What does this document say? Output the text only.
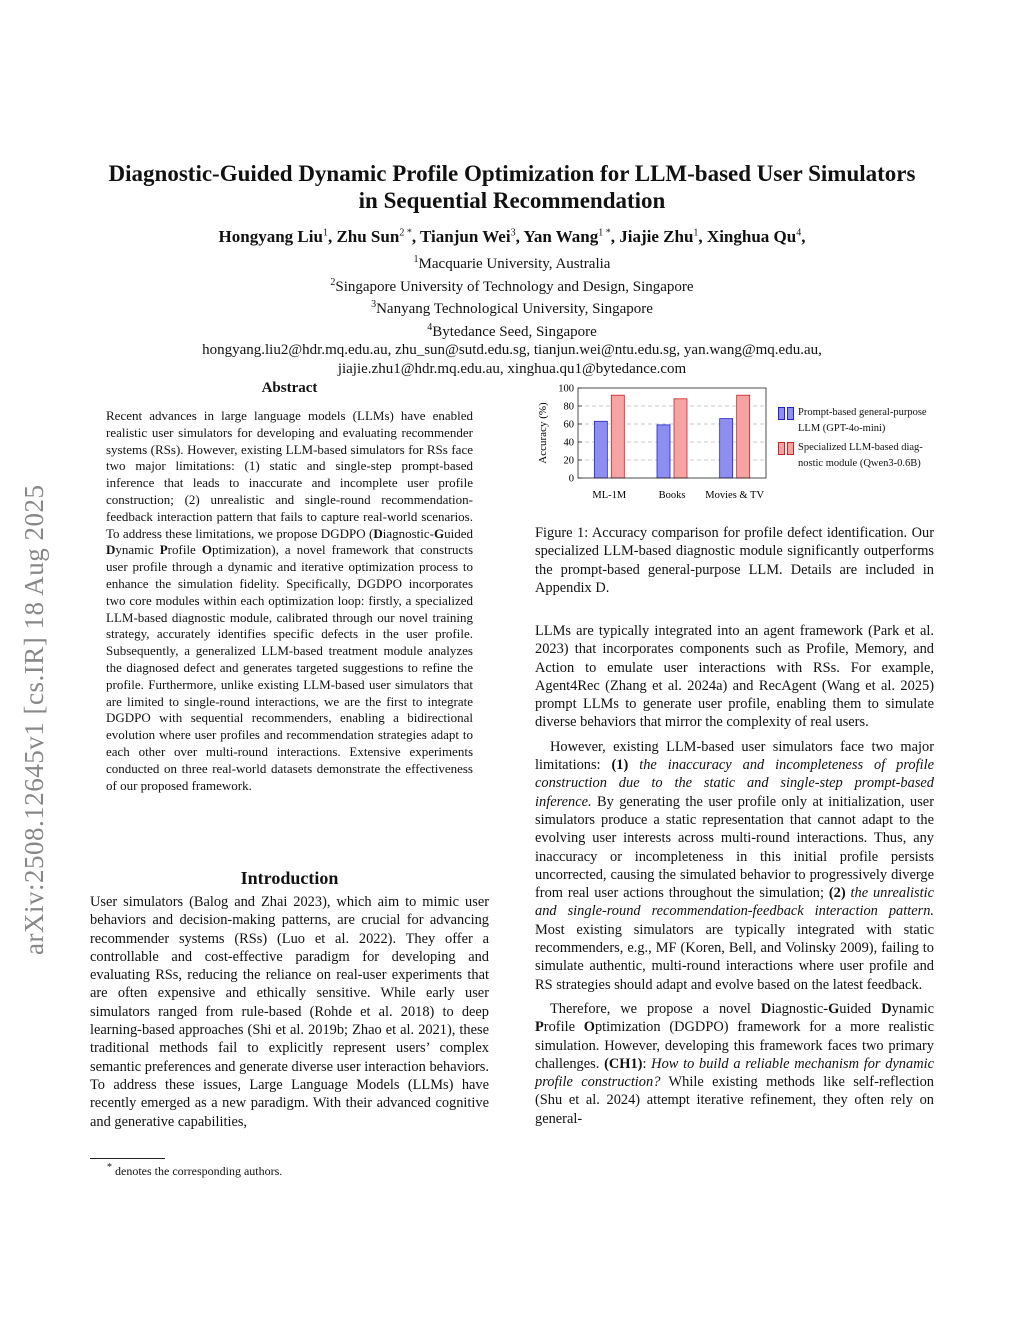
arXiv:2508.12645v1 [cs.IR] 18 Aug 2025
Diagnostic-Guided Dynamic Profile Optimization for LLM-based User Simulators
in Sequential Recommendation
Hongyang Liu$^1$, Zhu Sun$^{2 *}$, Tianjun Wei$^3$, Yan Wang$^{1 *}$, Jiajie Zhu$^1$, Xinghua Qu$^4$,
$^1$Macquarie University, Australia
$^2$Singapore University of Technology and Design, Singapore
$^3$Nanyang Technological University, Singapore
$^4$Bytedance Seed, Singapore
hongyang.liu2@hdr.mq.edu.au, zhu_sun@sutd.edu.sg, tianjun.wei@ntu.edu.sg, yan.wang@mq.edu.au,
jiajie.zhu1@hdr.mq.edu.au, xinghua.qu1@bytedance.com
Abstract
Recent advances in large language models (LLMs) have enabled realistic user simulators for developing and evaluating recommender systems (RSs). However, existing LLM-based simulators for RSs face two major limitations: (1) static and single-step prompt-based inference that leads to inaccurate and incomplete user profile construction; (2) unrealistic and single-round recommendation-feedback interaction pattern that fails to capture real-world scenarios. To address these limitations, we propose DGDPO (Diagnostic-Guided Dynamic Profile Optimization), a novel framework that constructs user profile through a dynamic and iterative optimization process to enhance the simulation fidelity. Specifically, DGDPO incorporates two core modules within each optimization loop: firstly, a specialized LLM-based diagnostic module, calibrated through our novel training strategy, accurately identifies specific defects in the user profile. Subsequently, a generalized LLM-based treatment module analyzes the diagnosed defect and generates targeted suggestions to refine the profile. Furthermore, unlike existing LLM-based user simulators that are limited to single-round interactions, we are the first to integrate DGDPO with sequential recommenders, enabling a bidirectional evolution where user profiles and recommendation strategies adapt to each other over multi-round interactions. Extensive experiments conducted on three real-world datasets demonstrate the effectiveness of our proposed framework.
Introduction
User simulators (Balog and Zhai 2023), which aim to mimic user behaviors and decision-making patterns, are crucial for advancing recommender systems (RSs) (Luo et al. 2022). They offer a controllable and cost-effective paradigm for developing and evaluating RSs, reducing the reliance on real-user experiments that are often expensive and ethically sensitive. While early user simulators ranged from rule-based (Rohde et al. 2018) to deep learning-based approaches (Shi et al. 2019b; Zhao et al. 2021), these traditional methods fail to explicitly represent users’ complex semantic preferences and generate diverse user interaction behaviors. To address these issues, Large Language Models (LLMs) have recently emerged as a new paradigm. With their advanced cognitive and generative capabilities,
* denotes the corresponding authors.
0
20
40
60
80
100
ML-1M	Books Movies & TV
Accuracy (%)	Prompt-based general-purpose
LLM (GPT-4o-mini)
Specialized LLM-based diag-
nostic module (Qwen3-0.6B)
Figure 1: Accuracy comparison for profile defect identification. Our specialized LLM-based diagnostic module significantly outperforms the prompt-based general-purpose LLM. Details are included in Appendix D.

LLMs are typically integrated into an agent framework (Park et al. 2023) that incorporates components such as Profile, Memory, and Action to emulate user interactions with RSs. For example, Agent4Rec (Zhang et al. 2024a) and RecAgent (Wang et al. 2025) prompt LLMs to generate user profile, enabling them to simulate diverse behaviors that mirror the complexity of real users.

However, existing LLM-based user simulators face two major limitations: (1) the inaccuracy and incompleteness of profile construction due to the static and single-step prompt-based inference. By generating the user profile only at initialization, user simulators produce a static representation that cannot adapt to the evolving user interests across multi-round interactions. Thus, any inaccuracy or incompleteness in this initial profile persists uncorrected, causing the simulated behavior to progressively diverge from real user actions throughout the simulation; (2) the unrealistic and single-round recommendation-feedback interaction pattern. Most existing simulators are typically integrated with static recommenders, e.g., MF (Koren, Bell, and Volinsky 2009), failing to simulate authentic, multi-round interactions where user profile and RS strategies should adapt and evolve based on the latest feedback.

Therefore, we propose a novel Diagnostic-Guided Dynamic Profile Optimization (DGDPO) framework for a more realistic simulation. However, developing this framework faces two primary challenges. (CH1): How to build a reliable mechanism for dynamic profile construction? While existing methods like self-reflection (Shu et al. 2024) attempt iterative refinement, they often rely on general-
